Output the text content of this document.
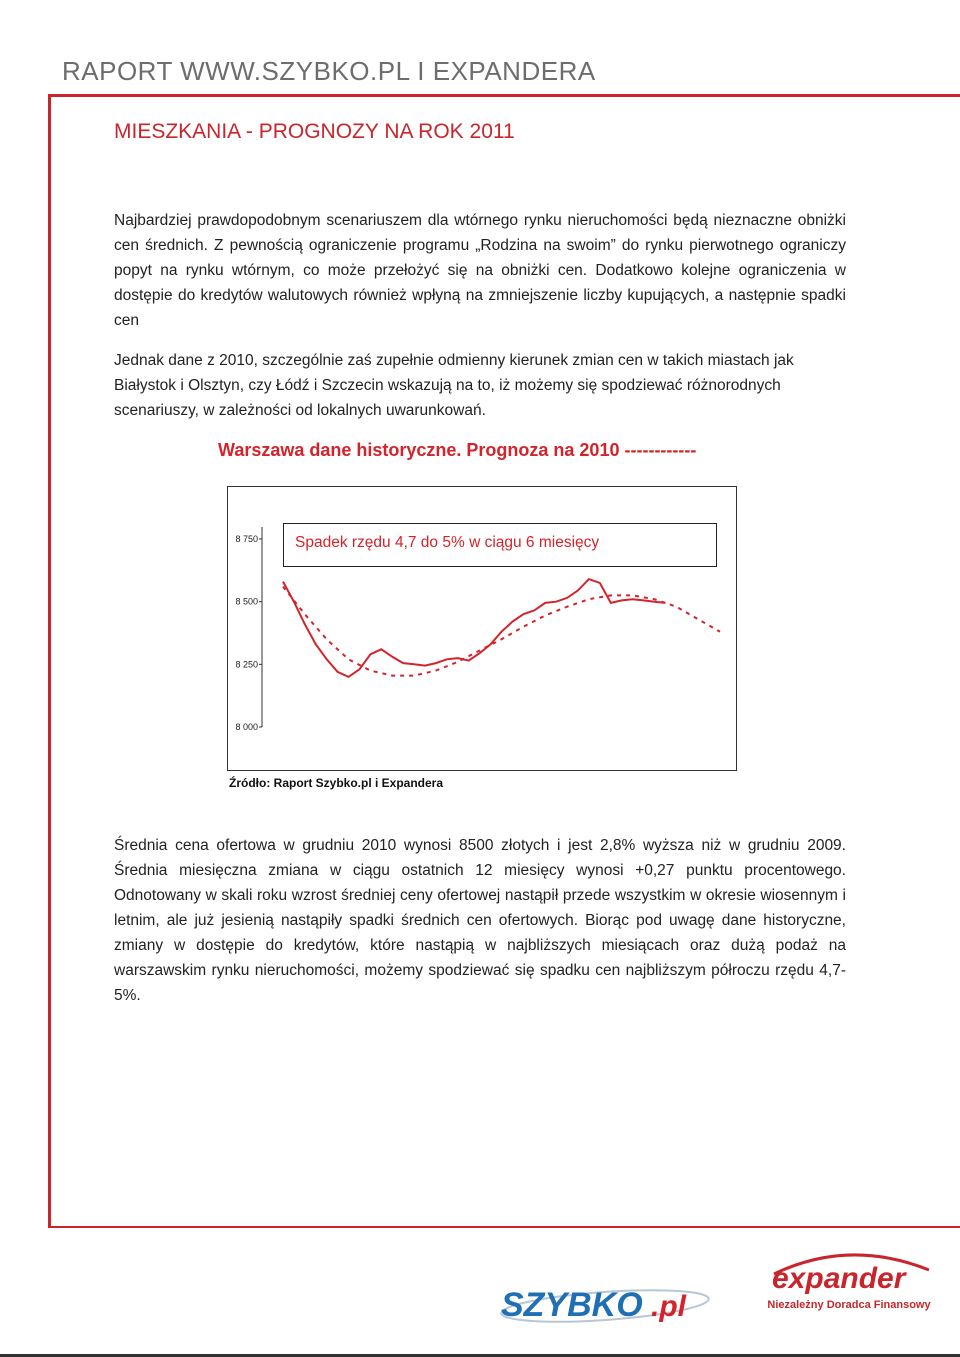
RAPORT WWW.SZYBKO.PL I EXPANDERA
MIESZKANIA - PROGNOZY NA ROK 2011

Najbardziej prawdopodobnym scenariuszem dla wtórnego rynku nieruchomości będą nieznaczne obniżki cen średnich. Z pewnością ograniczenie programu „Rodzina na swoim” do rynku pierwotnego ograniczy popyt na rynku wtórnym, co może przełożyć się na obniżki cen. Dodatkowo kolejne ograniczenia w dostępie do kredytów walutowych również wpłyną na zmniejszenie liczby kupujących, a następnie spadki cen

Jednak dane z 2010, szczególnie zaś zupełnie odmienny kierunek zmian cen w takich miastach jak Białystok i Olsztyn, czy Łódź i Szczecin wskazują na to, iż możemy się spodziewać różnorodnych scenariuszy, w zależności od lokalnych uwarunkowań.

Warszawa dane historyczne. Prognoza na 2010 ------------
8 000
8 250
8 500
8 750 Spadek rzędu 4,7 do 5% w ciągu 6 miesięcy
Źródło: Raport Szybko.pl i Expandera

Średnia cena ofertowa w grudniu 2010 wynosi 8500 złotych i jest 2,8% wyższa niż w grudniu 2009. Średnia miesięczna zmiana w ciągu ostatnich 12 miesięcy wynosi +0,27 punktu procentowego. Odnotowany w skali roku wzrost średniej ceny ofertowej nastąpił przede wszystkim w okresie wiosennym i letnim, ale już jesienią nastąpiły spadki średnich cen ofertowych. Biorąc pod uwagę dane historyczne, zmiany w dostępie do kredytów, które nastąpią w najbliższych miesiącach oraz dużą podaż na warszawskim rynku nieruchomości, możemy spodziewać się spadku cen najbliższym półroczu rzędu 4,7-5%.

SZYBKO .pl
expander
Niezależny Doradca Finansowy
